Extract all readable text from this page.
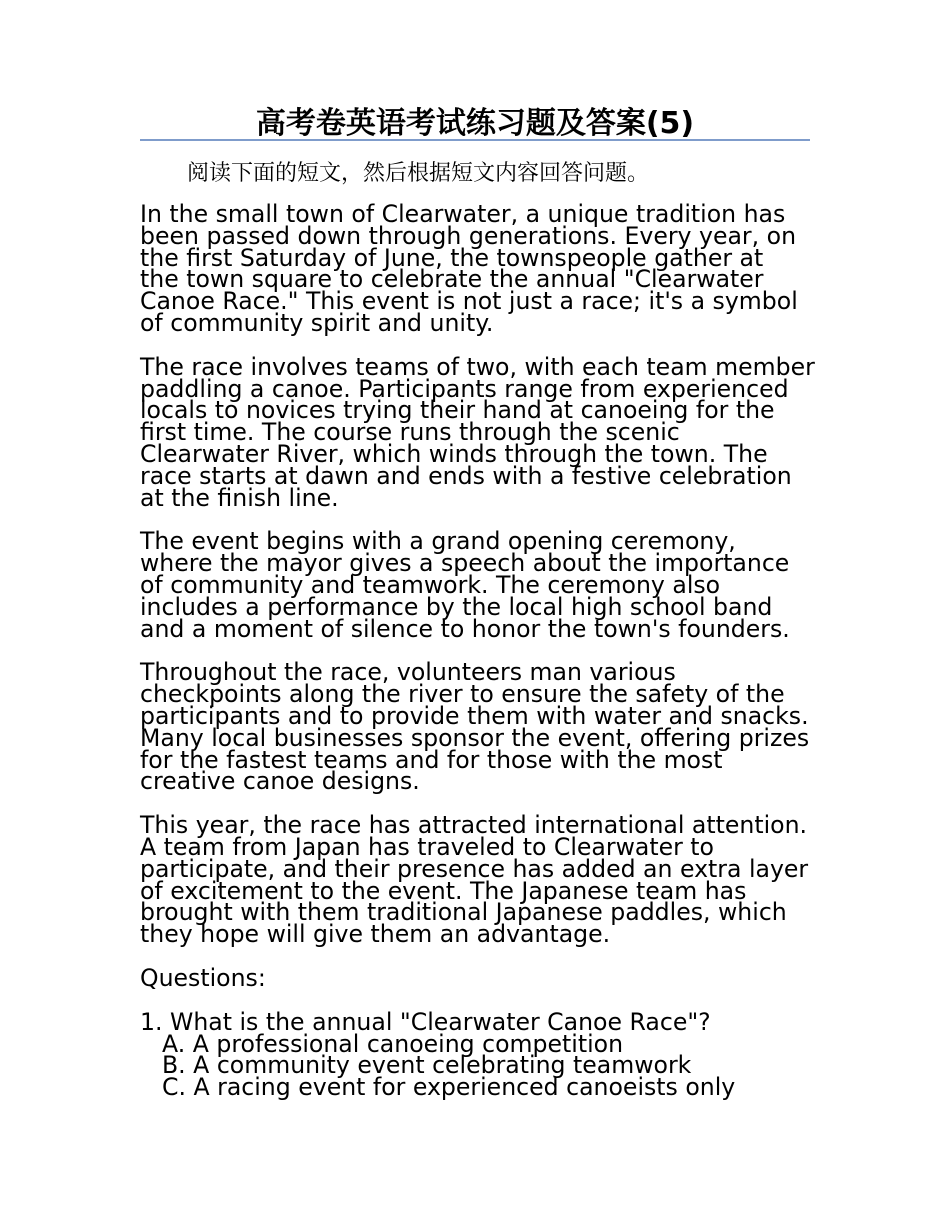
高考卷英语考试练习题及答案(5)
阅读下面的短文，然后根据短文内容回答问题。
In the small town of Clearwater, a unique tradition has
been passed down through generations. Every year, on
the first Saturday of June, the townspeople gather at
the town square to celebrate the annual "Clearwater
Canoe Race." This event is not just a race; it's a symbol
of community spirit and unity.
The race involves teams of two, with each team member
paddling a canoe. Participants range from experienced
locals to novices trying their hand at canoeing for the
first time. The course runs through the scenic
Clearwater River, which winds through the town. The
race starts at dawn and ends with a festive celebration
at the finish line.
The event begins with a grand opening ceremony,
where the mayor gives a speech about the importance
of community and teamwork. The ceremony also
includes a performance by the local high school band
and a moment of silence to honor the town's founders.
Throughout the race, volunteers man various
checkpoints along the river to ensure the safety of the
participants and to provide them with water and snacks.
Many local businesses sponsor the event, offering prizes
for the fastest teams and for those with the most
creative canoe designs.
This year, the race has attracted international attention.
A team from Japan has traveled to Clearwater to
participate, and their presence has added an extra layer
of excitement to the event. The Japanese team has
brought with them traditional Japanese paddles, which
they hope will give them an advantage.
Questions:
1. What is the annual "Clearwater Canoe Race"?
A. A professional canoeing competition
B. A community event celebrating teamwork
C. A racing event for experienced canoeists only
